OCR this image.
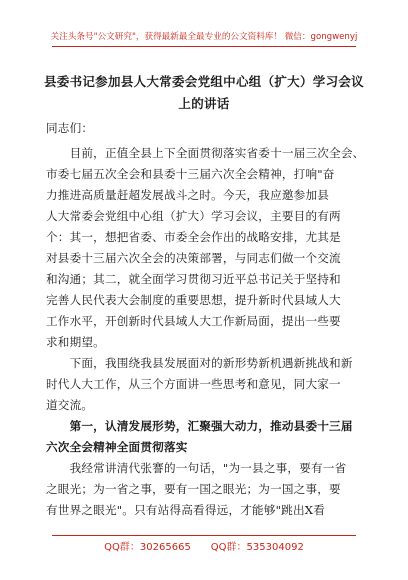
关注头条号"公文研究"，获得最新最全最专业的公文资料库！ 微信：gongwenyj
县委书记参加县人大常委会党组中心组（扩大）学习会议
上的讲话
同志们：
　　目前，正值全县上下全面贯彻落实省委十一届三次全会、
市委七届五次全会和县委十三届六次全会精神，打响"奋
力推进高质量赶超发展战斗之时。今天，我应邀参加县
人大常委会党组中心组（扩大）学习会议，主要目的有两
个：其一，想把省委、市委全会作出的战略安排，尤其是
对县委十三届六次全会的决策部署，与同志们做一个交流
和沟通；其二，就全面学习贯彻习近平总书记关于坚持和
完善人民代表大会制度的重要思想，提升新时代县域人大
工作水平，开创新时代县域人大工作新局面，提出一些要
求和期望。
　　下面，我围绕我县发展面对的新形势新机遇新挑战和新
时代人大工作，从三个方面讲一些思考和意见，同大家一
道交流。
　　第一，认清发展形势，汇聚强大动力，推动县委十三届
六次全会精神全面贯彻落实
　　我经常讲清代张謇的一句话，"为一县之事，要有一省
之眼光；为一省之事，要有一国之眼光；为一国之事，要
有世界之眼光"。只有站得高看得远，才能够"跳出X看
QQ群：30265665　　QQ群：535304092
